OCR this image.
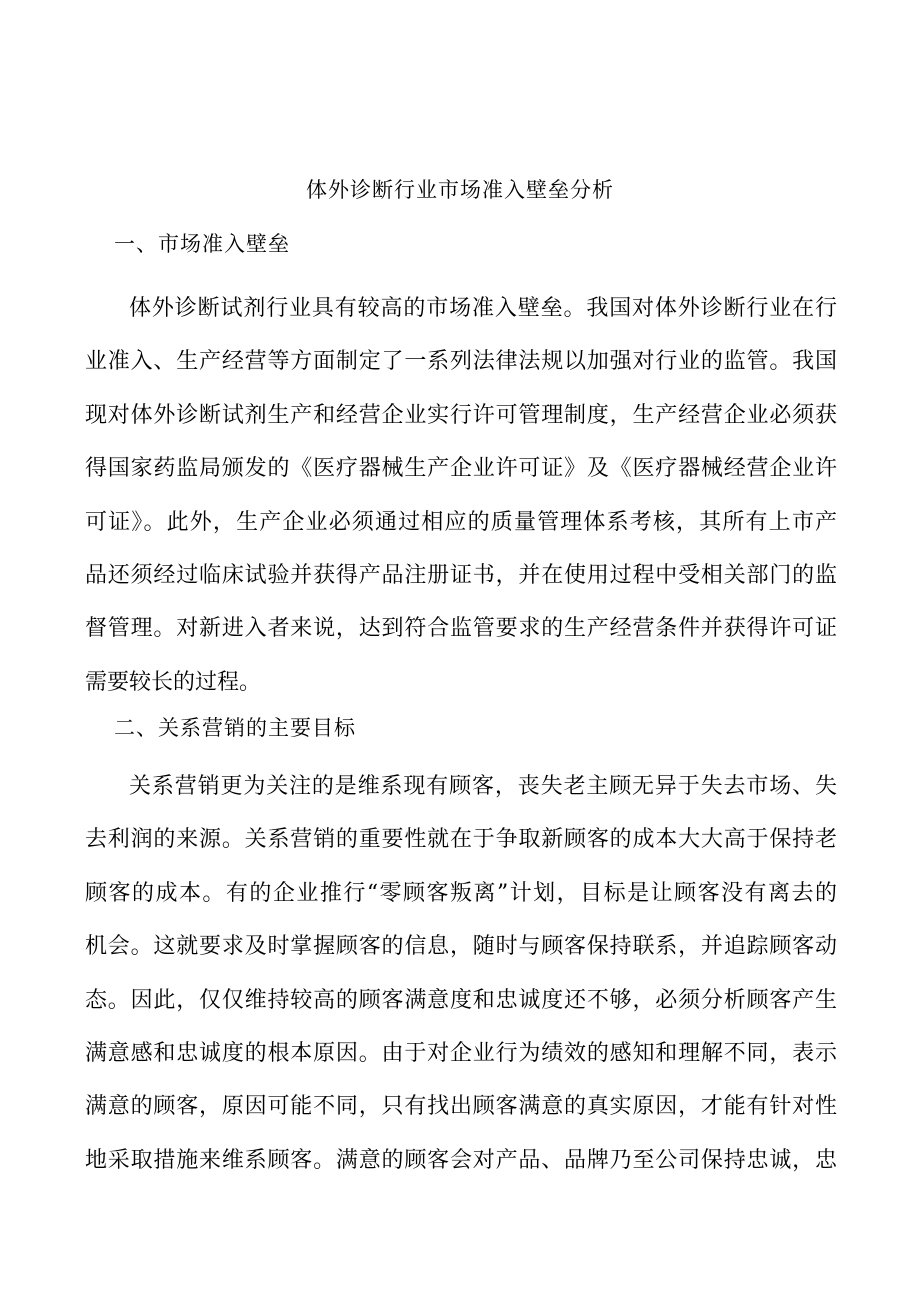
体外诊断行业市场准入壁垒分析
一、市场准入壁垒
体外诊断试剂行业具有较高的市场准入壁垒。我国对体外诊断行业在行
业准入、生产经营等方面制定了一系列法律法规以加强对行业的监管。我国
现对体外诊断试剂生产和经营企业实行许可管理制度，生产经营企业必须获
得国家药监局颁发的《医疗器械生产企业许可证》及《医疗器械经营企业许
可证》。此外，生产企业必须通过相应的质量管理体系考核，其所有上市产
品还须经过临床试验并获得产品注册证书，并在使用过程中受相关部门的监
督管理。对新进入者来说，达到符合监管要求的生产经营条件并获得许可证
需要较长的过程。
二、关系营销的主要目标
关系营销更为关注的是维系现有顾客，丧失老主顾无异于失去市场、失
去利润的来源。关系营销的重要性就在于争取新顾客的成本大大高于保持老
顾客的成本。有的企业推行“零顾客叛离”计划，目标是让顾客没有离去的
机会。这就要求及时掌握顾客的信息，随时与顾客保持联系，并追踪顾客动
态。因此，仅仅维持较高的顾客满意度和忠诚度还不够，必须分析顾客产生
满意感和忠诚度的根本原因。由于对企业行为绩效的感知和理解不同，表示
满意的顾客，原因可能不同，只有找出顾客满意的真实原因，才能有针对性
地采取措施来维系顾客。满意的顾客会对产品、品牌乃至公司保持忠诚，忠
